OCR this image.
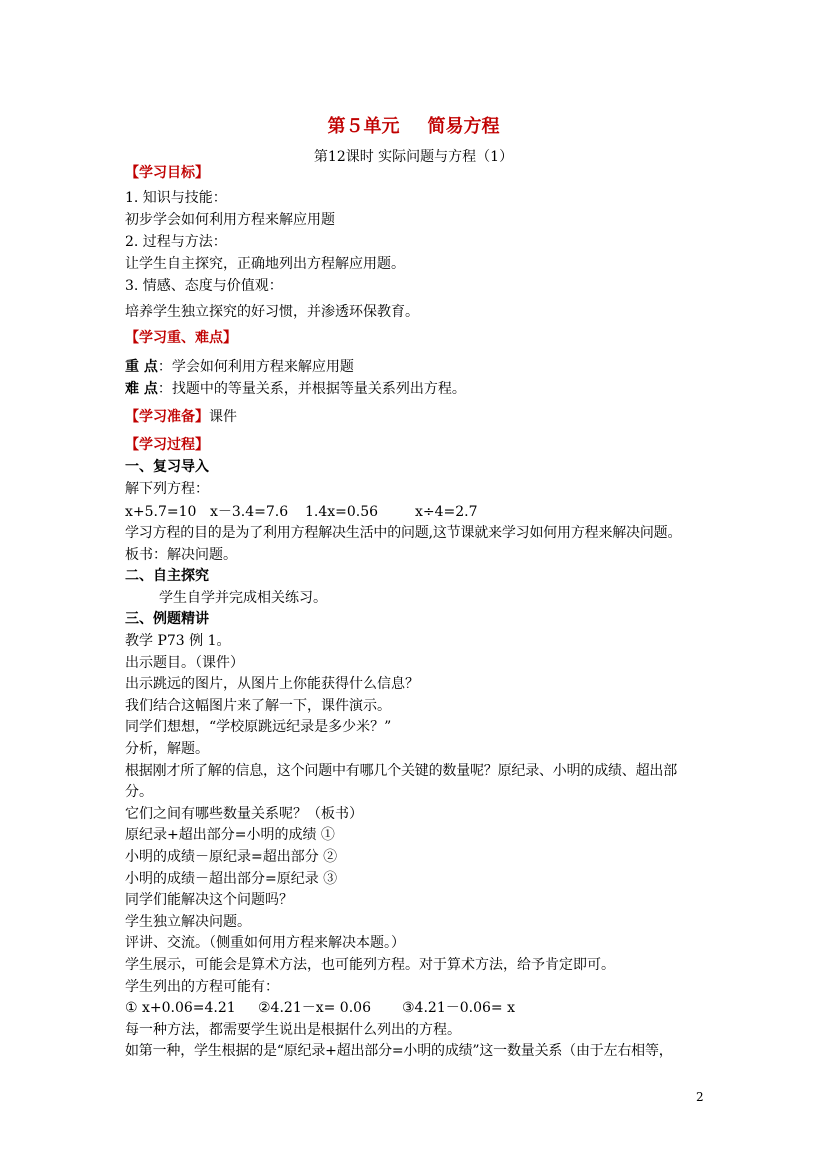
第５单元 简易方程
第12课时 实际问题与方程（1）
【学习目标】
1. 知识与技能：
初步学会如何利用方程来解应用题
2. 过程与方法：
让学生自主探究，正确地列出方程解应用题。
3. 情感、态度与价值观：
培养学生独立探究的好习惯，并渗透环保教育。
【学习重、难点】
重 点：学会如何利用方程来解应用题
难 点：找题中的等量关系，并根据等量关系列出方程。
【学习准备】课件
【学习过程】
一、复习导入
解下列方程：
x+5.7=10 x－3.4=7.6 1.4x=0.56	x÷4=2.7
学习方程的目的是为了利用方程解决生活中的问题,这节课就来学习如何用方程来解决问题。
板书：解决问题。
二、自主探究
学生自学并完成相关练习。
三、例题精讲
教学 P73 例 1。
出示题目。（课件）
出示跳远的图片，从图片上你能获得什么信息？
我们结合这幅图片来了解一下，课件演示。
同学们想想，“学校原跳远纪录是多少米？”
分析，解题。
根据刚才所了解的信息，这个问题中有哪几个关键的数量呢？原纪录、小明的成绩、超出部
分。
它们之间有哪些数量关系呢？（板书）
原纪录+超出部分=小明的成绩 ①
小明的成绩－原纪录=超出部分 ②
小明的成绩－超出部分=原纪录 ③
同学们能解决这个问题吗？
学生独立解决问题。
评讲、交流。（侧重如何用方程来解决本题。）
学生展示，可能会是算术方法，也可能列方程。对于算术方法，给予肯定即可。
学生列出的方程可能有：
① x+0.06=4.21 ②4.21－x= 0.06 ③4.21－0.06= x
每一种方法，都需要学生说出是根据什么列出的方程。
如第一种，学生根据的是“原纪录+超出部分=小明的成绩”这一数量关系（由于左右相等，
2
